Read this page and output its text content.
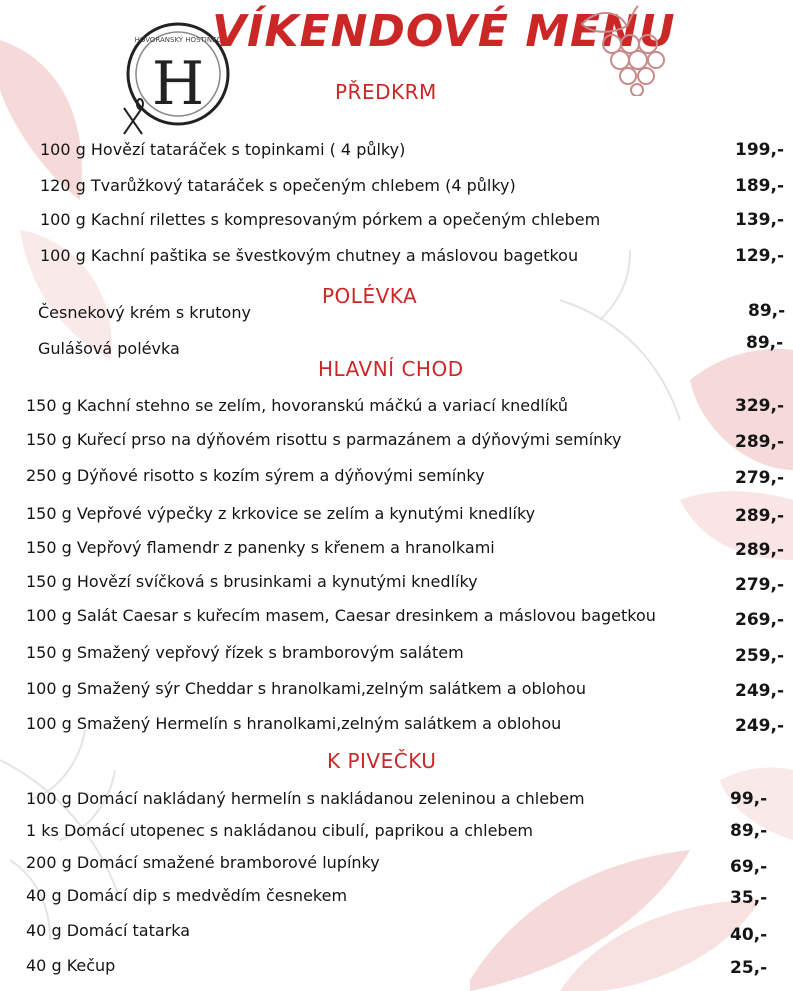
HOVORANSKÝ HOSTINEC
H
VÍKENDOVÉ MENU
PŘEDKRM
POLÉVKA
HLAVNÍ CHOD
K PIVEČKU
100 g Hovězí tataráček s topinkami ( 4 půlky)	199,-
120 g Tvarůžkový tataráček s opečeným chlebem (4 půlky)	189,-
100 g Kachní rilettes s kompresovaným pórkem a opečeným chlebem	139,-
100 g Kachní paštika se švestkovým chutney a máslovou bagetkou	129,-
Česnekový krém s krutony	89,-
Gulášová polévka	89,-
150 g Kachní stehno se zelím, hovoranskú máčkú a variací knedlíků	329,-
150 g Kuřecí prso na dýňovém risottu s parmazánem a dýňovými semínky	289,-
250 g Dýňové risotto s kozím sýrem a dýňovými semínky	279,-
150 g Vepřové výpečky z krkovice se zelím a kynutými knedlíky	289,-
150 g Vepřový flamendr z panenky s křenem a hranolkami	289,-
150 g Hovězí svíčková s brusinkami a kynutými knedlíky	279,-
100 g Salát Caesar s kuřecím masem, Caesar dresinkem a máslovou bagetkou	269,-
150 g Smažený vepřový řízek s bramborovým salátem	259,-
100 g Smažený sýr Cheddar s hranolkami,zelným salátkem a oblohou	249,-
100 g Smažený Hermelín s hranolkami,zelným salátkem a oblohou	249,-
100 g Domácí nakládaný hermelín s nakládanou zeleninou a chlebem	99,-
1 ks Domácí utopenec s nakládanou cibulí, paprikou a chlebem	89,-
200 g Domácí smažené bramborové lupínky	69,-
40 g Domácí dip s medvědím česnekem	35,-
40 g Domácí tatarka	40,-
40 g Kečup	25,-
